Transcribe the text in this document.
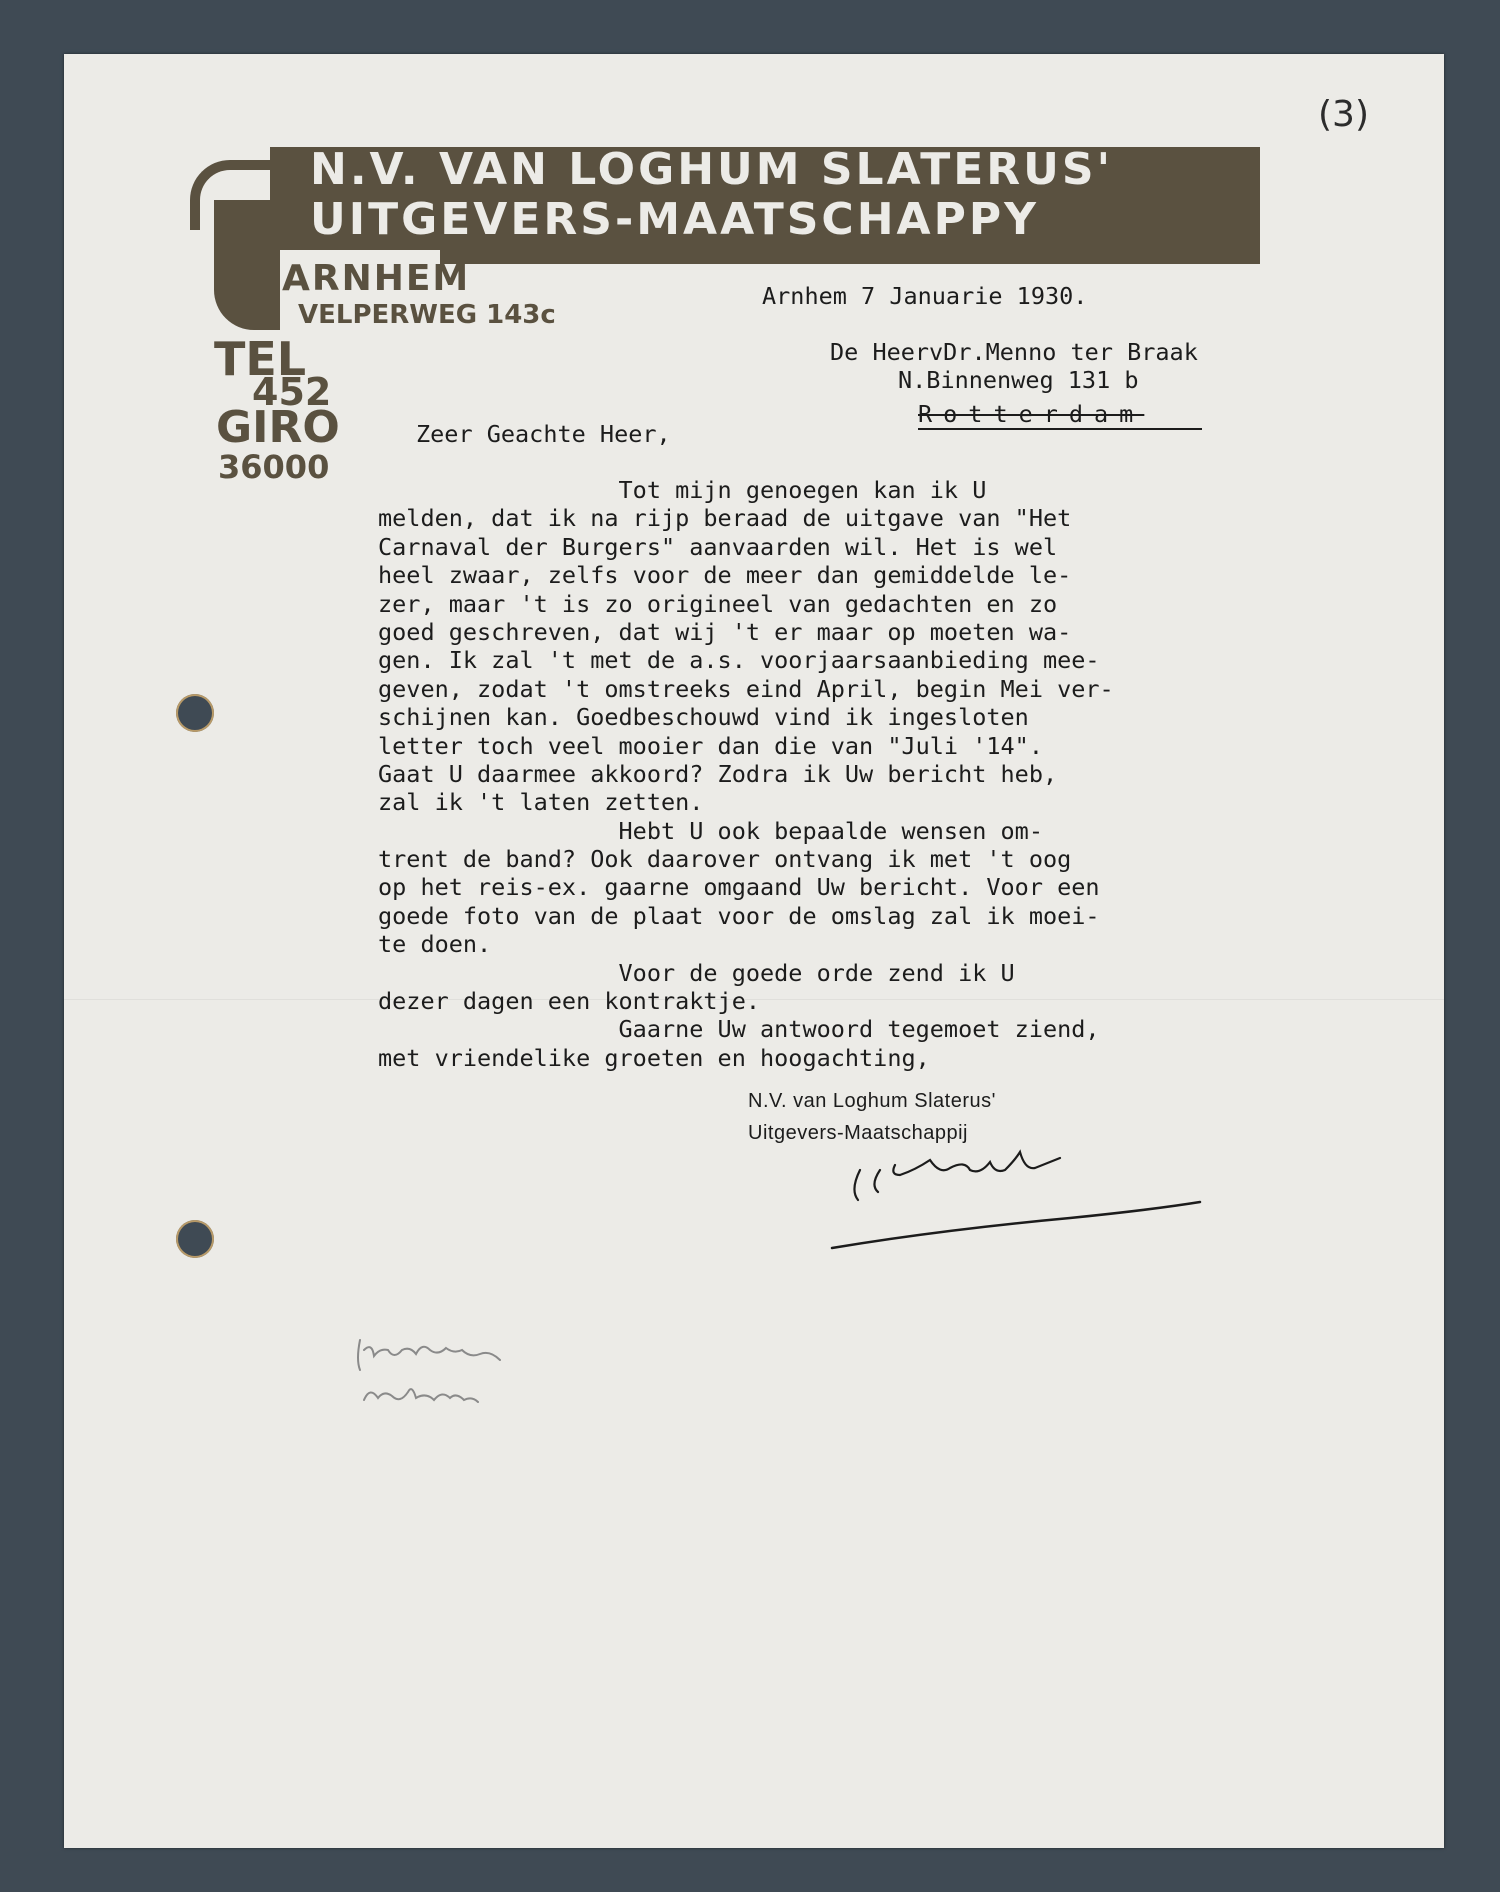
(3)
N.V. VAN LOGHUM SLATERUS'
UITGEVERS-MAATSCHAPPY
ARNHEM
VELPERWEG 143c
TEL
452
GIRO
36000
Arnhem 7 Januarie 1930.
De HeervDr.Menno ter Braak
N.Binnenweg 131 b
Rotterdam
Zeer Geachte Heer,
Tot mijn genoegen kan ik U
melden, dat ik na rijp beraad de uitgave van "Het
Carnaval der Burgers" aanvaarden wil. Het is wel
heel zwaar, zelfs voor de meer dan gemiddelde le-
zer, maar 't is zo origineel van gedachten en zo
goed geschreven, dat wij 't er maar op moeten wa-
gen. Ik zal 't met de a.s. voorjaarsaanbieding mee-
geven, zodat 't omstreeks eind April, begin Mei ver-
schijnen kan. Goedbeschouwd vind ik ingesloten
letter toch veel mooier dan die van "Juli '14".
Gaat U daarmee akkoord? Zodra ik Uw bericht heb,
zal ik 't laten zetten.
Hebt U ook bepaalde wensen om-
trent de band? Ook daarover ontvang ik met 't oog
op het reis-ex. gaarne omgaand Uw bericht. Voor een
goede foto van de plaat voor de omslag zal ik moei-
te doen.
Voor de goede orde zend ik U
dezer dagen een kontraktje.
Gaarne Uw antwoord tegemoet ziend,
met vriendelike groeten en hoogachting,
N.V. van Loghum Slaterus'
Uitgevers-Maatschappij
